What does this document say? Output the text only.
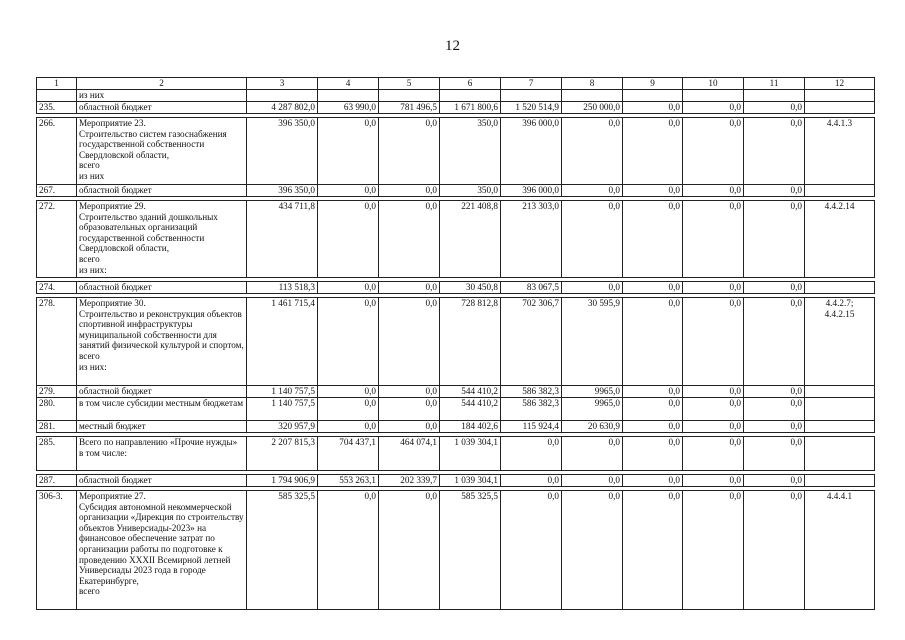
12
1	2	3	4	5	6	7	8	9	10	11	12
	из них										
235.	областной бюджет	4 287 802,0	63 990,0	781 496,5	1 671 800,6	1 520 514,9	250 000,0	0,0	0,0	0,0	

266.	Мероприятие 23.
Строительство систем газоснабжения государственной собственности Свердловской области,
всего
из них	396 350,0	0,0	0,0	350,0	396 000,0	0,0	0,0	0,0	0,0	4.4.1.3
267.	областной бюджет	396 350,0	0,0	0,0	350,0	396 000,0	0,0	0,0	0,0	0,0	

272.	Мероприятие 29.
Строительство зданий дошкольных образовательных организаций государственной собственности Свердловской области,
всего
из них:	434 711,8	0,0	0,0	221 408,8	213 303,0	0,0	0,0	0,0	0,0	4.4.2.14

274.	областной бюджет	113 518,3	0,0	0,0	30 450,8	83 067,5	0,0	0,0	0,0	0,0	

278.	Мероприятие 30.
Строительство и реконструкция объектов спортивной инфраструктуры муниципальной собственности для занятий физической культурой и спортом,
всего
из них:	1 461 715,4	0,0	0,0	728 812,8	702 306,7	30 595,9	0,0	0,0	0,0	4.4.2.7;
4.4.2.15
279.	областной бюджет	1 140 757,5	0,0	0,0	544 410,2	586 382,3	9965,0	0,0	0,0	0,0	
280.	в том числе субсидии местным бюджетам	1 140 757,5	0,0	0,0	544 410,2	586 382,3	9965,0	0,0	0,0	0,0	
281.	местный бюджет	320 957,9	0,0	0,0	184 402,6	115 924,4	20 630,9	0,0	0,0	0,0	

285.	Всего по направлению «Прочие нужды»
в том числе:	2 207 815,3	704 437,1	464 074,1	1 039 304,1	0,0	0,0	0,0	0,0	0,0	

287.	областной бюджет	1 794 906,9	553 263,1	202 339,7	1 039 304,1	0,0	0,0	0,0	0,0	0,0	

306-3.	Мероприятие 27.
Субсидия автономной некоммерческой организации «Дирекция по строительству объектов Универсиады-2023» на финансовое обеспечение затрат по организации работы по подготовке к проведению XXXII Всемирной летней Универсиады 2023 года в городе Екатеринбурге,
всего	585 325,5	0,0	0,0	585 325,5	0,0	0,0	0,0	0,0	0,0	4.4.4.1
